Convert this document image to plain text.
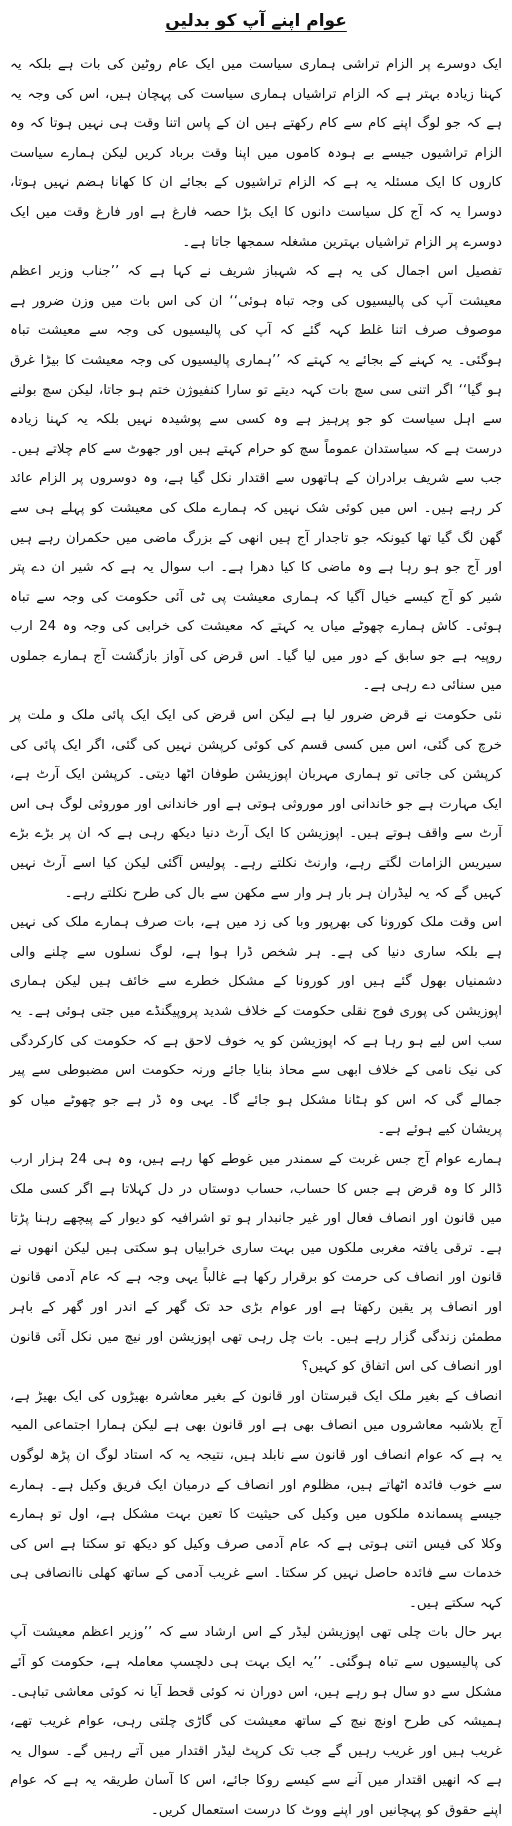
عوام اپنے آپ کو بدلیں

ایک دوسرے پر الزام تراشی ہماری سیاست میں ایک عام روٹین کی بات ہے بلکہ یہ کہنا زیادہ بہتر ہے کہ الزام تراشیاں ہماری سیاست کی پہچان ہیں، اس کی وجہ یہ ہے کہ جو لوگ اپنے کام سے کام رکھتے ہیں ان کے پاس اتنا وقت ہی نہیں ہوتا کہ وہ الزام تراشیوں جیسے بے ہودہ کاموں میں اپنا وقت برباد کریں لیکن ہمارے سیاست کاروں کا ایک مسئلہ یہ ہے کہ الزام تراشیوں کے بجائے ان کا کھانا ہضم نہیں ہوتا، دوسرا یہ کہ آج کل سیاست دانوں کا ایک بڑا حصہ فارغ ہے اور فارغ وقت میں ایک دوسرے پر الزام تراشیاں بہترین مشغلہ سمجھا جاتا ہے۔

تفصیل اس اجمال کی یہ ہے کہ شہباز شریف نے کہا ہے کہ ’’جناب وزیر اعظم معیشت آپ کی پالیسیوں کی وجہ تباہ ہوئی‘‘ ان کی اس بات میں وزن ضرور ہے موصوف صرف اتنا غلط کہہ گئے کہ آپ کی پالیسیوں کی وجہ سے معیشت تباہ ہوگئی۔ یہ کہنے کے بجائے یہ کہتے کہ ’’ہماری پالیسیوں کی وجہ معیشت کا بیڑا غرق ہو گیا‘‘ اگر اتنی سی سچ بات کہہ دیتے تو سارا کنفیوژن ختم ہو جاتا، لیکن سچ بولنے سے اہل سیاست کو جو پرہیز ہے وہ کسی سے پوشیدہ نہیں بلکہ یہ کہنا زیادہ درست ہے کہ سیاستدان عموماً سچ کو حرام کہتے ہیں اور جھوٹ سے کام چلاتے ہیں۔ جب سے شریف برادران کے ہاتھوں سے اقتدار نکل گیا ہے، وہ دوسروں پر الزام عائد کر رہے ہیں۔ اس میں کوئی شک نہیں کہ ہمارے ملک کی معیشت کو پہلے ہی سے گھن لگ گیا تھا کیونکہ جو تاجدار آج ہیں انھی کے بزرگ ماضی میں حکمران رہے ہیں اور آج جو ہو رہا ہے وہ ماضی کا کیا دھرا ہے۔ اب سوال یہ ہے کہ شیر ان دے پتر شیر کو آج کیسے خیال آگیا کہ ہماری معیشت پی ٹی آئی حکومت کی وجہ سے تباہ ہوئی۔ کاش ہمارے چھوٹے میاں یہ کہتے کہ معیشت کی خرابی کی وجہ وہ 24 ارب روپیہ ہے جو سابق کے دور میں لیا گیا۔ اس قرض کی آواز بازگشت آج ہمارے جملوں میں سنائی دے رہی ہے۔

نئی حکومت نے قرض ضرور لیا ہے لیکن اس قرض کی ایک ایک پائی ملک و ملت پر خرچ کی گئی، اس میں کسی قسم کی کوئی کرپشن نہیں کی گئی، اگر ایک پائی کی کرپشن کی جاتی تو ہماری مہربان اپوزیشن طوفان اٹھا دیتی۔ کرپشن ایک آرٹ ہے، ایک مہارت ہے جو خاندانی اور موروثی ہوتی ہے اور خاندانی اور موروثی لوگ ہی اس آرٹ سے واقف ہوتے ہیں۔ اپوزیشن کا ایک آرٹ دنیا دیکھ رہی ہے کہ ان پر بڑے بڑے سیریس الزامات لگتے رہے، وارنٹ نکلتے رہے۔ پولیس آگئی لیکن کیا اسے آرٹ نہیں کہیں گے کہ یہ لیڈران ہر بار ہر وار سے مکھن سے بال کی طرح نکلتے رہے۔

اس وقت ملک کورونا کی بھرپور وبا کی زد میں ہے، بات صرف ہمارے ملک کی نہیں ہے بلکہ ساری دنیا کی ہے۔ ہر شخص ڈرا ہوا ہے، لوگ نسلوں سے چلنے والی دشمنیاں بھول گئے ہیں اور کورونا کے مشکل خطرے سے خائف ہیں لیکن ہماری اپوزیشن کی پوری فوج نقلی حکومت کے خلاف شدید پروپیگنڈے میں جتی ہوئی ہے۔ یہ سب اس لیے ہو رہا ہے کہ اپوزیشن کو یہ خوف لاحق ہے کہ حکومت کی کارکردگی کی نیک نامی کے خلاف ابھی سے محاذ بنایا جائے ورنہ حکومت اس مضبوطی سے پیر جمالے گی کہ اس کو ہٹانا مشکل ہو جائے گا۔ یہی وہ ڈر ہے جو چھوٹے میاں کو پریشان کیے ہوئے ہے۔

ہمارے عوام آج جس غربت کے سمندر میں غوطے کھا رہے ہیں، وہ ہی 24 ہزار ارب ڈالر کا وہ قرض ہے جس کا حساب، حساب دوستاں در دل کہلاتا ہے اگر کسی ملک میں قانون اور انصاف فعال اور غیر جانبدار ہو تو اشرافیہ کو دیوار کے پیچھے رہنا پڑتا ہے۔ ترقی یافتہ مغربی ملکوں میں بہت ساری خرابیاں ہو سکتی ہیں لیکن انھوں نے قانون اور انصاف کی حرمت کو برقرار رکھا ہے غالباً یہی وجہ ہے کہ عام آدمی قانون اور انصاف پر یقین رکھتا ہے اور عوام بڑی حد تک گھر کے اندر اور گھر کے باہر مطمئن زندگی گزار رہے ہیں۔ بات چل رہی تھی اپوزیشن اور نیچ میں نکل آئی قانون اور انصاف کی اس اتفاق کو کہیں؟

انصاف کے بغیر ملک ایک قبرستان اور قانون کے بغیر معاشرہ بھیڑوں کی ایک بھیڑ ہے، آج بلاشبہ معاشروں میں انصاف بھی ہے اور قانون بھی ہے لیکن ہمارا اجتماعی المیہ یہ ہے کہ عوام انصاف اور قانون سے نابلد ہیں، نتیجہ یہ کہ استاد لوگ ان پڑھ لوگوں سے خوب فائدہ اٹھاتے ہیں، مظلوم اور انصاف کے درمیان ایک فریق وکیل ہے۔ ہمارے جیسے پسماندہ ملکوں میں وکیل کی حیثیت کا تعین بہت مشکل ہے، اول تو ہمارے وکلا کی فیس اتنی ہوتی ہے کہ عام آدمی صرف وکیل کو دیکھ تو سکتا ہے اس کی خدمات سے فائدہ حاصل نہیں کر سکتا۔ اسے غریب آدمی کے ساتھ کھلی ناانصافی ہی کہہ سکتے ہیں۔

بہر حال بات چلی تھی اپوزیشن لیڈر کے اس ارشاد سے کہ ’’وزیر اعظم معیشت آپ کی پالیسیوں سے تباہ ہوگئی۔ ’’یہ ایک بہت ہی دلچسپ معاملہ ہے، حکومت کو آئے مشکل سے دو سال ہو رہے ہیں، اس دوران نہ کوئی قحط آیا نہ کوئی معاشی تباہی۔ ہمیشہ کی طرح اونچ نیچ کے ساتھ معیشت کی گاڑی چلتی رہی، عوام غریب تھے، غریب ہیں اور غریب رہیں گے جب تک کرپٹ لیڈر اقتدار میں آتے رہیں گے۔ سوال یہ ہے کہ انھیں اقتدار میں آنے سے کیسے روکا جائے، اس کا آسان طریقہ یہ ہے کہ عوام اپنے حقوق کو پہچانیں اور اپنے ووٹ کا درست استعمال کریں۔
